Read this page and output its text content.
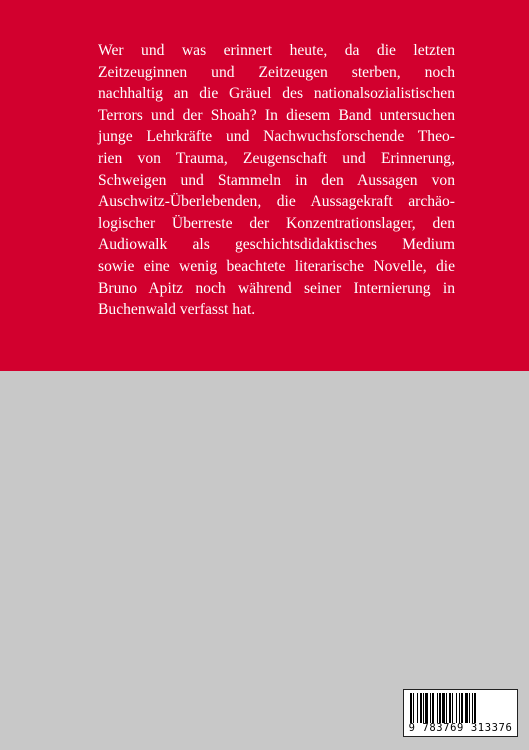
Wer und was erinnert heute, da die letzten
Zeitzeuginnen und Zeitzeugen sterben, noch
nachhaltig an die Gräuel des nationalsozialistischen
Terrors und der Shoah? In diesem Band untersuchen
junge Lehrkräfte und Nachwuchsforschende Theo-
rien von Trauma, Zeugenschaft und Erinnerung,
Schweigen und Stammeln in den Aussagen von
Auschwitz-Überlebenden, die Aussagekraft archäo-
logischer Überreste der Konzentrationslager, den
Audiowalk als geschichtsdidaktisches Medium
sowie eine wenig beachtete literarische Novelle, die
Bruno Apitz noch während seiner Internierung in
Buchenwald verfasst hat.
9 783769 313376
